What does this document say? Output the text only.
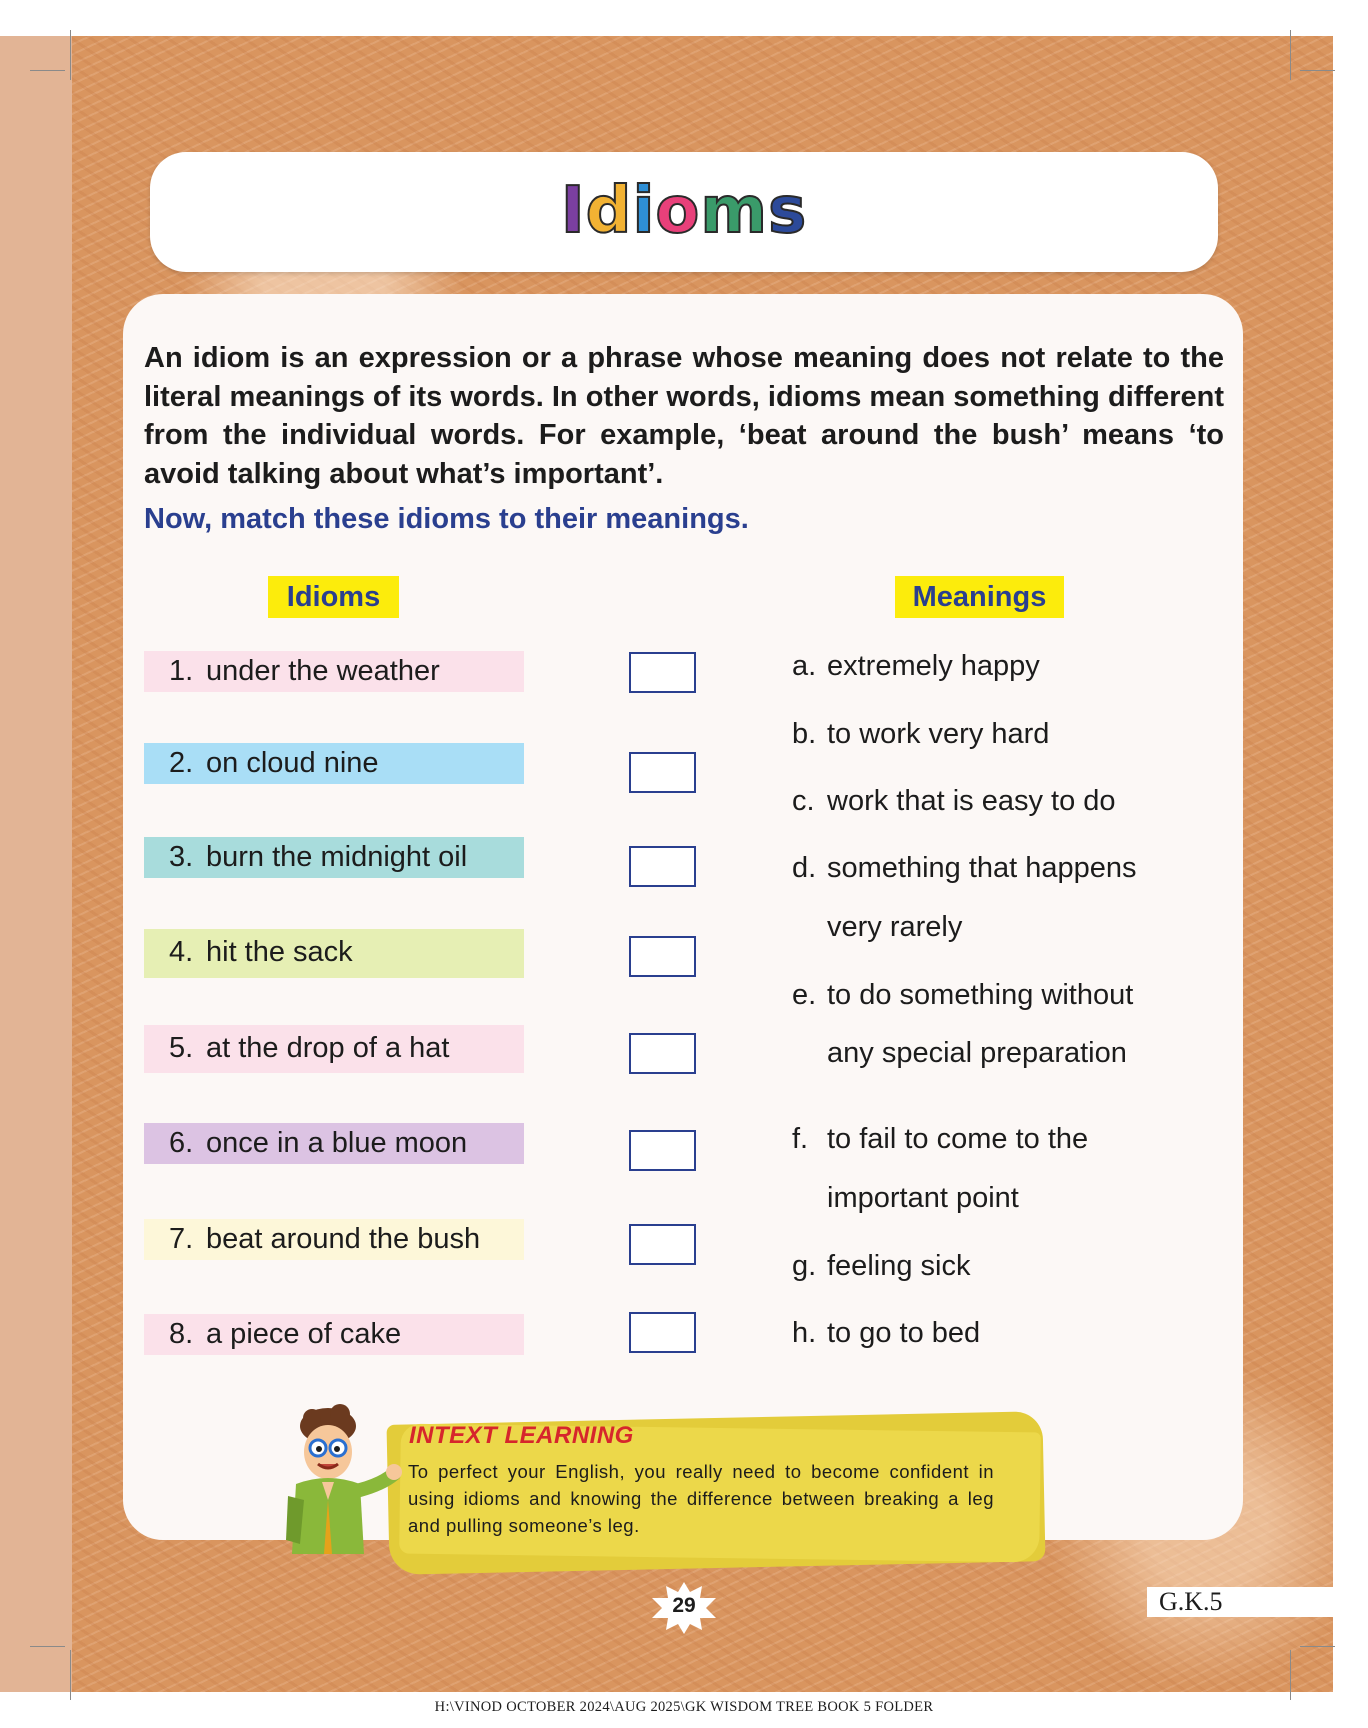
Idioms

An idiom is an expression or a phrase whose meaning does not relate to the literal meanings of its words. In other words, idioms mean something different from the individual words. For example, ‘beat around the bush’ means ‘to avoid talking about what’s important’.

Now, match these idioms to their meanings.

Idioms	Meanings
1. under the weather
2. on cloud nine
3. burn the midnight oil
4. hit the sack
5. at the drop of a hat
6. once in a blue moon
7. beat around the bush
8. a piece of cake
a. extremely happy
b. to work very hard
c. work that is easy to do
d. something that happens
very rarely
e. to do something without
any special preparation
f. to fail to come to the
important point
g. feeling sick
h. to go to bed
INTEXT LEARNING

To perfect your English, you really need to become confident in using idioms and knowing the difference between breaking a leg and pulling someone’s leg.

29	G.K.5
H:\VINOD OCTOBER 2024\AUG 2025\GK WISDOM TREE BOOK 5 FOLDER
